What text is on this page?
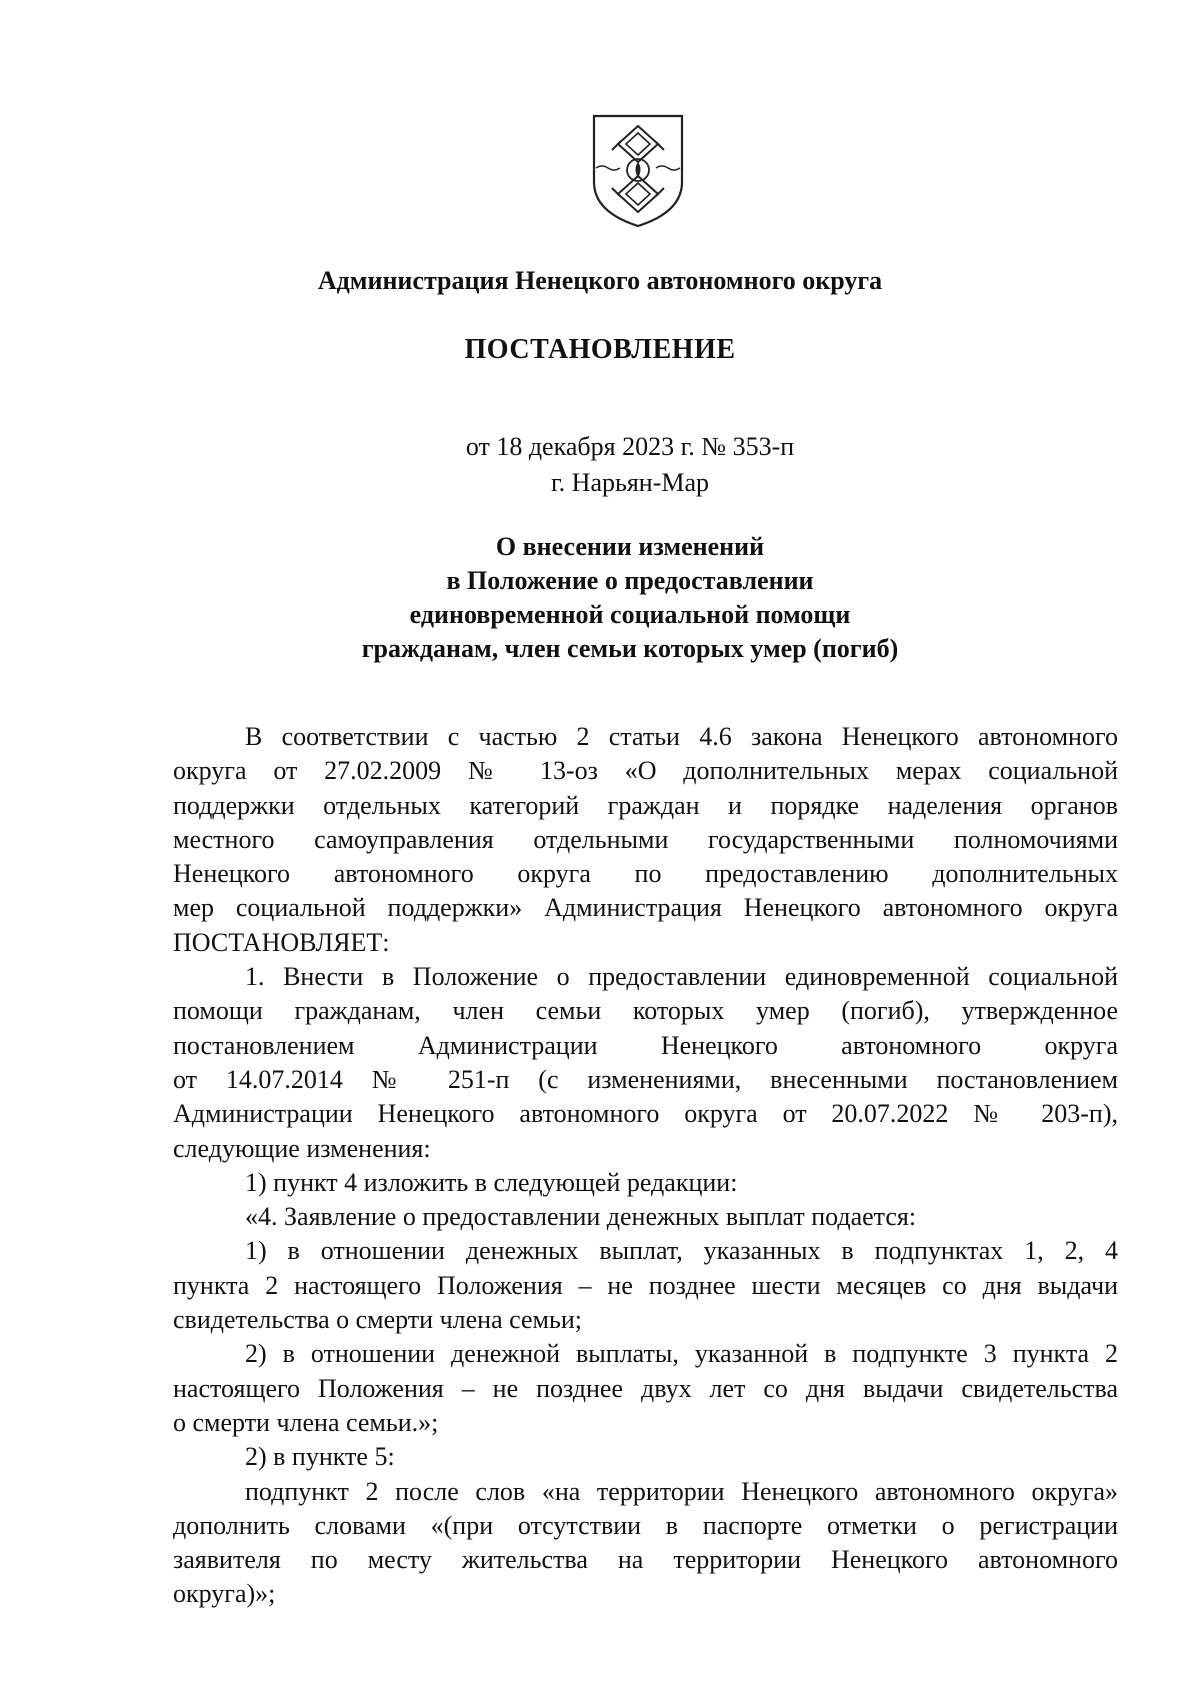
Администрация Ненецкого автономного округа
ПОСТАНОВЛЕНИЕ
от 18 декабря 2023 г. № 353-п
г. Нарьян-Мар
О внесении изменений
в Положение о предоставлении
единовременной социальной помощи
гражданам, член семьи которых умер (погиб)
В соответствии с частью 2 статьи 4.6 закона Ненецкого автономного
округа от 27.02.2009 № 13-оз «О дополнительных мерах социальной
поддержки отдельных категорий граждан и порядке наделения органов
местного самоуправления отдельными государственными полномочиями
Ненецкого автономного округа по предоставлению дополнительных
мер социальной поддержки» Администрация Ненецкого автономного округа
ПОСТАНОВЛЯЕТ:
1. Внести в Положение о предоставлении единовременной социальной
помощи гражданам, член семьи которых умер (погиб), утвержденное
постановлением Администрации Ненецкого автономного округа
от 14.07.2014 № 251-п (с изменениями, внесенными постановлением
Администрации Ненецкого автономного округа от 20.07.2022 № 203-п),
следующие изменения:
1) пункт 4 изложить в следующей редакции:
«4. Заявление о предоставлении денежных выплат подается:
1) в отношении денежных выплат, указанных в подпунктах 1, 2, 4
пункта 2 настоящего Положения – не позднее шести месяцев со дня выдачи
свидетельства о смерти члена семьи;
2) в отношении денежной выплаты, указанной в подпункте 3 пункта 2
настоящего Положения – не позднее двух лет со дня выдачи свидетельства
о смерти члена семьи.»;
2) в пункте 5:
подпункт 2 после слов «на территории Ненецкого автономного округа»
дополнить словами «(при отсутствии в паспорте отметки о регистрации
заявителя по месту жительства на территории Ненецкого автономного
округа)»;
